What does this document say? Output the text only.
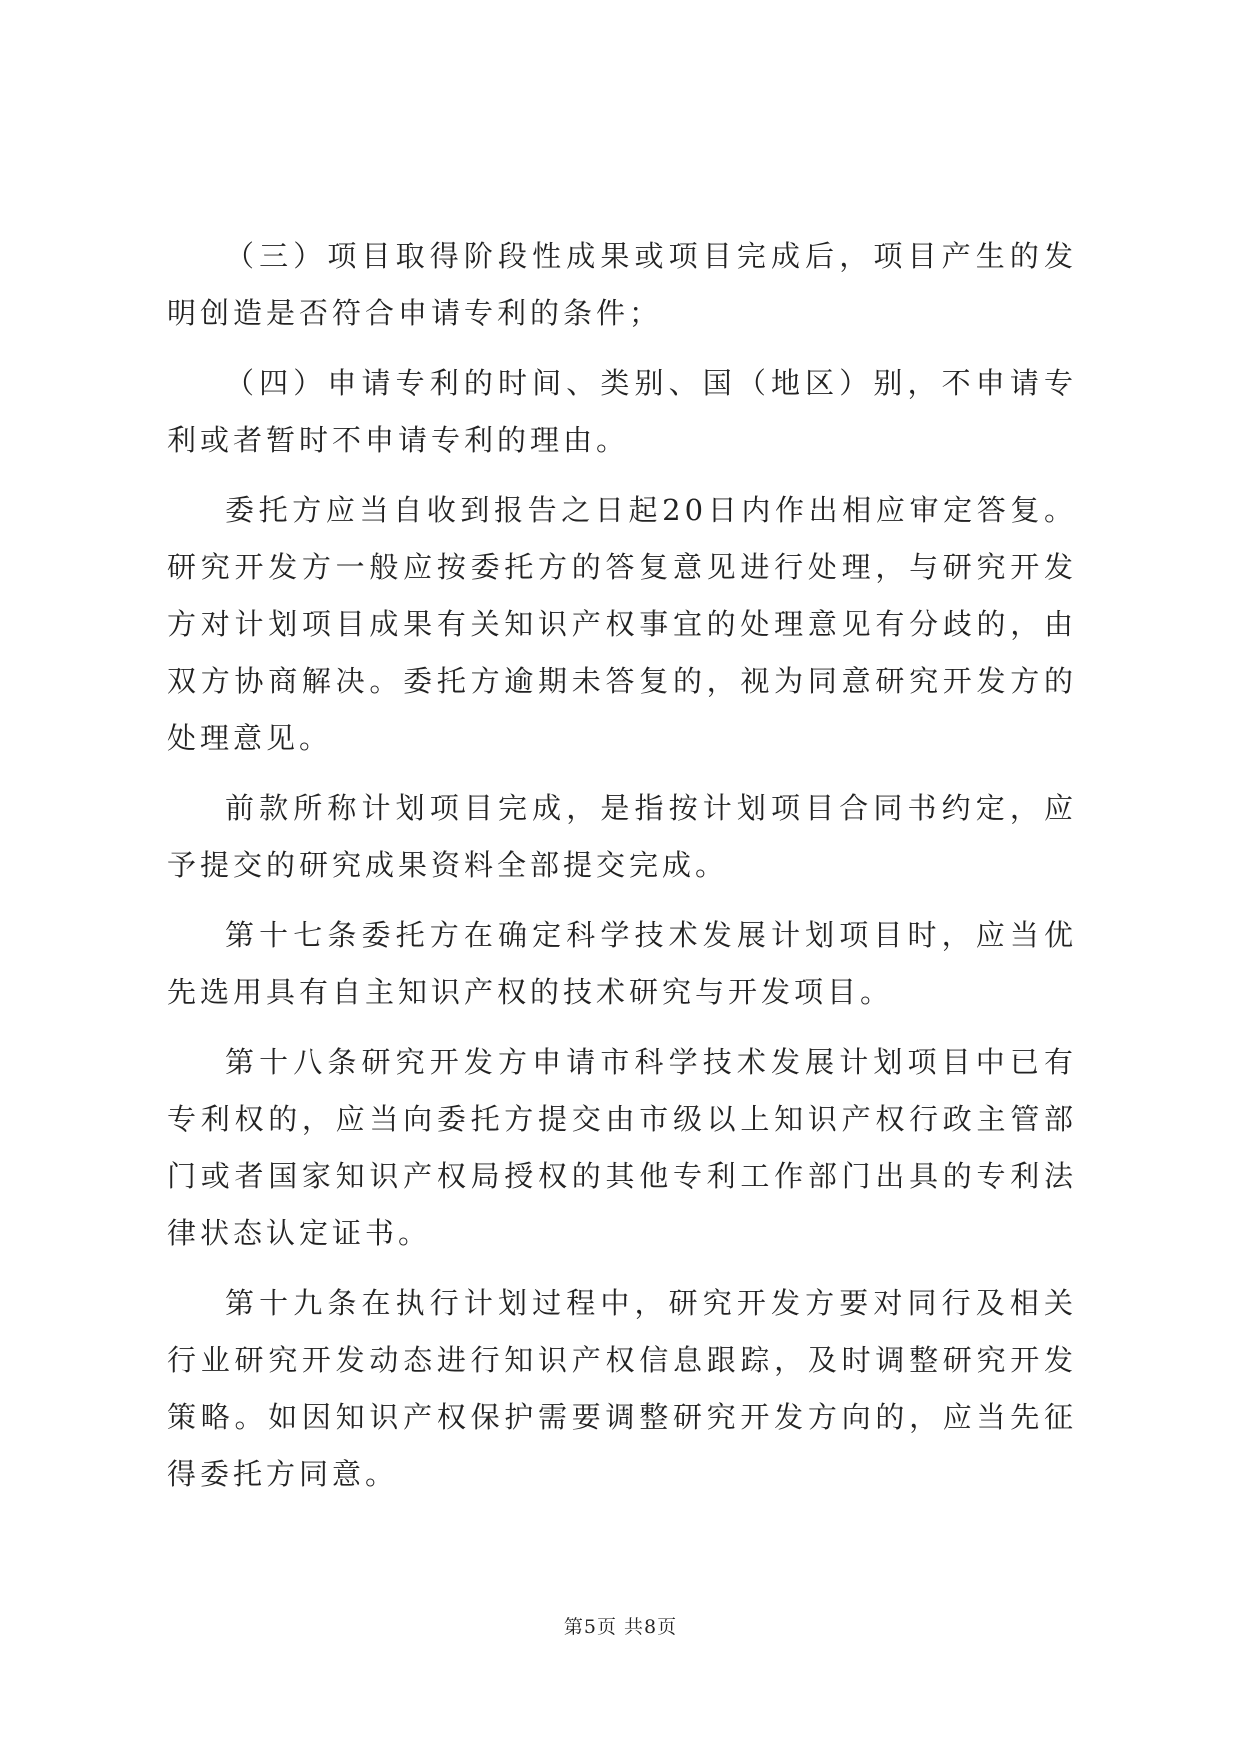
（三）项目取得阶段性成果或项目完成后，项目产生的发明创造是否符合申请专利的条件；

（四）申请专利的时间、类别、国（地区）别，不申请专利或者暂时不申请专利的理由。

委托方应当自收到报告之日起20日内作出相应审定答复。研究开发方一般应按委托方的答复意见进行处理，与研究开发方对计划项目成果有关知识产权事宜的处理意见有分歧的，由双方协商解决。委托方逾期未答复的，视为同意研究开发方的处理意见。

前款所称计划项目完成，是指按计划项目合同书约定，应予提交的研究成果资料全部提交完成。

第十七条委托方在确定科学技术发展计划项目时，应当优先选用具有自主知识产权的技术研究与开发项目。

第十八条研究开发方申请市科学技术发展计划项目中已有专利权的，应当向委托方提交由市级以上知识产权行政主管部门或者国家知识产权局授权的其他专利工作部门出具的专利法律状态认定证书。

第十九条在执行计划过程中，研究开发方要对同行及相关行业研究开发动态进行知识产权信息跟踪，及时调整研究开发策略。如因知识产权保护需要调整研究开发方向的，应当先征得委托方同意。

第5页 共8页
